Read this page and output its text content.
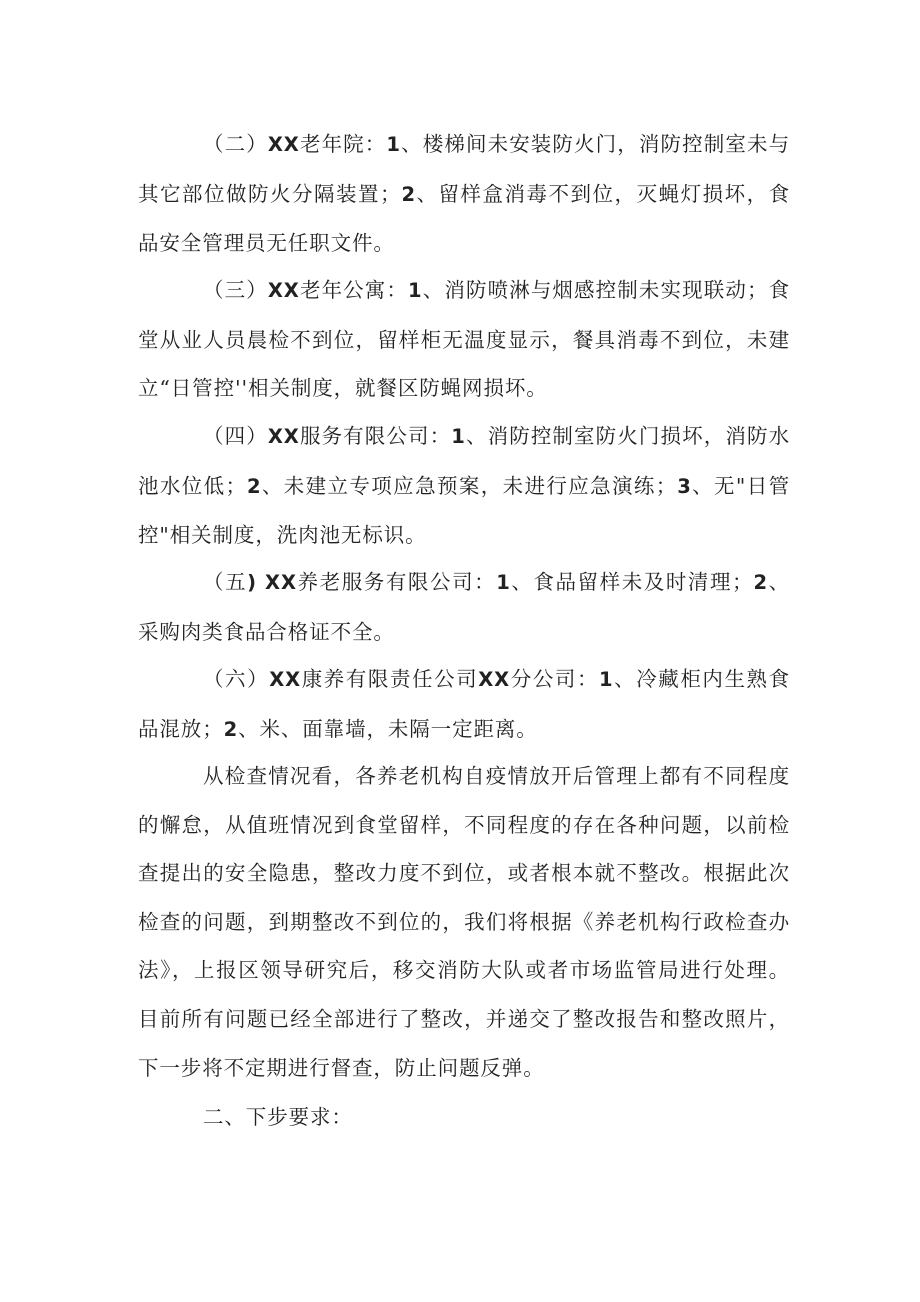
（二）XX老年院：1、楼梯间未安装防火门，消防控制室未与其它部位做防火分隔装置；2、留样盒消毒不到位，灭蝇灯损坏，食品安全管理员无任职文件。

（三）XX老年公寓：1、消防喷淋与烟感控制未实现联动；食堂从业人员晨检不到位，留样柜无温度显示，餐具消毒不到位，未建立“日管控''相关制度，就餐区防蝇网损坏。

（四）XX服务有限公司：1、消防控制室防火门损坏，消防水池水位低；2、未建立专项应急预案，未进行应急演练；3、无"日管控"相关制度，洗肉池无标识。

（五) XX养老服务有限公司：1、食品留样未及时清理；2、采购肉类食品合格证不全。

（六）XX康养有限责任公司XX分公司：1、冷藏柜内生熟食品混放；2、米、面靠墙，未隔一定距离。

从检查情况看，各养老机构自疫情放开后管理上都有不同程度的懈怠，从值班情况到食堂留样，不同程度的存在各种问题，以前检查提出的安全隐患，整改力度不到位，或者根本就不整改。根据此次检查的问题，到期整改不到位的，我们将根据《养老机构行政检查办法》，上报区领导研究后，移交消防大队或者市场监管局进行处理。目前所有问题已经全部进行了整改，并递交了整改报告和整改照片，下一步将不定期进行督查，防止问题反弹。

二、下步要求：
